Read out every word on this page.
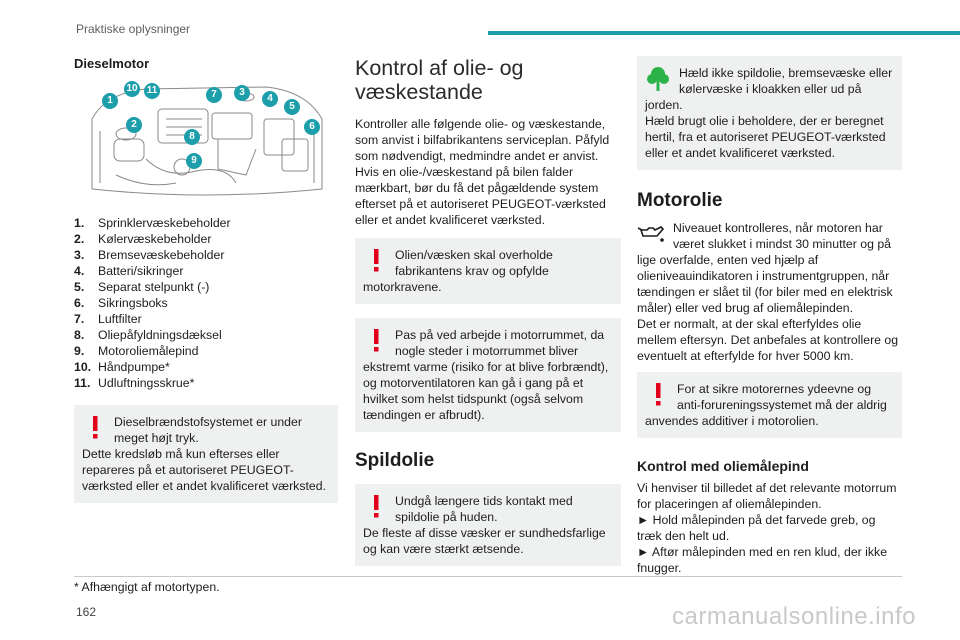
Praktiske oplysninger
Dieselmotor
1
10 11	7	3
4
5
6
2
8
9
1.	Sprinklervæskebeholder
2.	Kølervæskebeholder
3.	Bremsevæskebeholder
4.	Batteri/sikringer
5.	Separat stelpunkt (-)
6.	Sikringsboks
7.	Luftfilter
8.	Oliepåfyldningsdæksel
9.	Motoroliemålepind
10. Håndpumpe*
11. Udluftningsskrue*
Dieselbrændstofsystemet er under meget højt tryk.
Dette kredsløb må kun efterses eller repareres på et autoriseret PEUGEOT-værksted eller et andet kvalificeret værksted.
Kontrol af olie- og væskestande

Kontroller alle følgende olie- og væskestande, som anvist i bilfabrikantens serviceplan. Påfyld som nødvendigt, medmindre andet er anvist.
Hvis en olie-/væskestand på bilen falder mærkbart, bør du få det pågældende system efterset på et autoriseret PEUGEOT-værksted eller et andet kvalificeret værksted.

Olien/væsken skal overholde fabrikantens krav og opfylde motorkravene.
Pas på ved arbejde i motorrummet, da nogle steder i motorrummet bliver ekstremt varme (risiko for at blive forbrændt), og motorventilatoren kan gå i gang på et hvilket som helst tidspunkt (også selvom tændingen er afbrudt).
Spildolie
Undgå længere tids kontakt med spildolie på huden.
De fleste af disse væsker er sundhedsfarlige og kan være stærkt ætsende.
Hæld ikke spildolie, bremsevæske eller kølervæske i kloakken eller ud på jorden.
Hæld brugt olie i beholdere, der er beregnet hertil, fra et autoriseret PEUGEOT-værksted eller et andet kvalificeret værksted.
Motorolie
Niveauet kontrolleres, når motoren har været slukket i mindst 30 minutter og på lige overfalde, enten ved hjælp af olieniveauindikatoren i instrumentgruppen, når tændingen er slået til (for biler med en elektrisk måler) eller ved brug af oliemålepinden.
Det er normalt, at der skal efterfyldes olie mellem eftersyn. Det anbefales at kontrollere og eventuelt at efterfylde for hver 5000 km.
For at sikre motorernes ydeevne og anti-forureningssystemet må der aldrig anvendes additiver i motorolien.
Kontrol med oliemålepind

Vi henviser til billedet af det relevante motorrum for placeringen af oliemålepinden.
► Hold målepinden på det farvede greb, og træk den helt ud.
► Aftør målepinden med en ren klud, der ikke fnugger.

* Afhængigt af motortypen.
162	carmanualsonline.info
